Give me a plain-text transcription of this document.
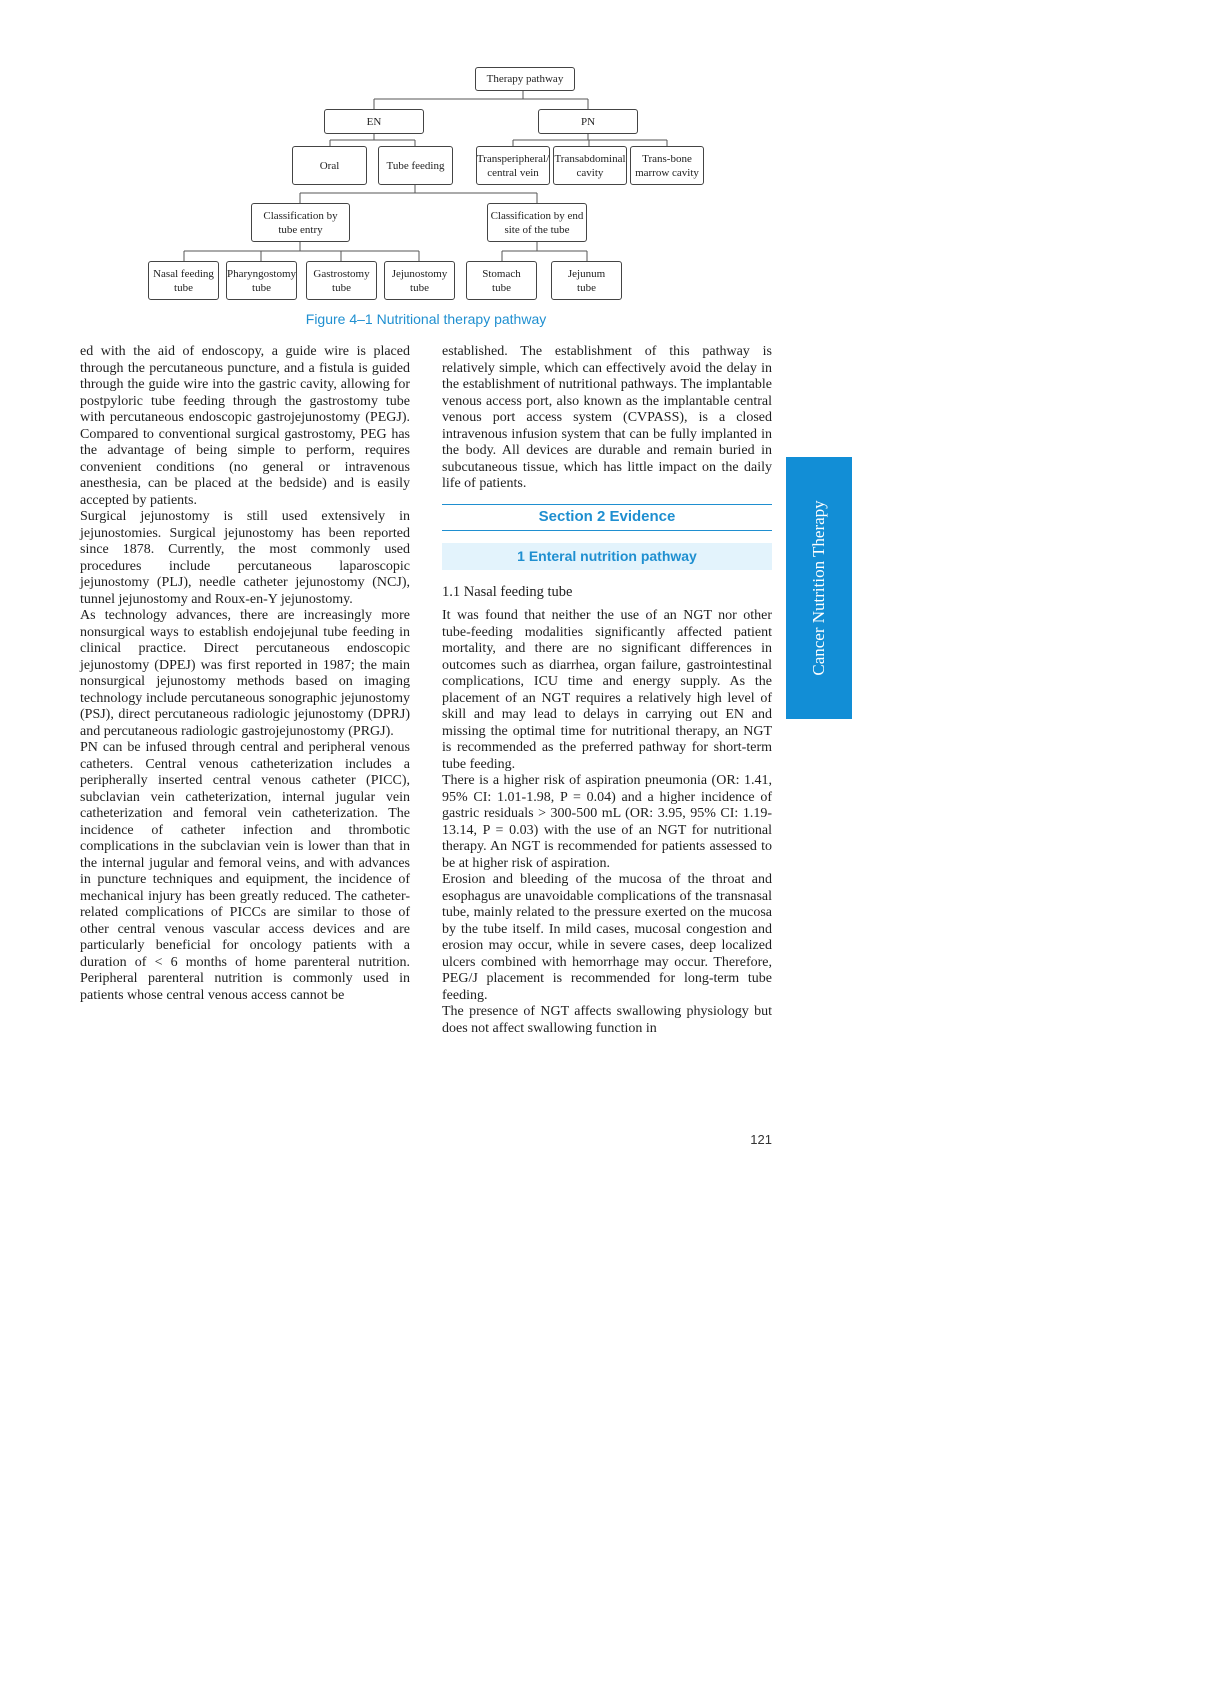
Therapy pathway
EN	PN
Oral	Tube feeding
Transperipheral/
central vein
Transabdominal
cavity
Trans-bone
marrow cavity
Classification by
tube entry
Classification by end
site of the tube
Nasal feeding
tube
Pharyngostomy
tube
Gastrostomy
tube
Jejunostomy
tube
Stomach
tube
Jejunum
tube
Figure 4–1 Nutritional therapy pathway

ed with the aid of endoscopy, a guide wire is placed through the percutaneous puncture, and a fistula is guided through the guide wire into the gastric cavity, allowing for postpyloric tube feeding through the gastrostomy tube with percutaneous endoscopic gastrojejunostomy (PEGJ). Compared to conventional surgical gastrostomy, PEG has the advantage of being simple to perform, requires convenient conditions (no general or intravenous anesthesia, can be placed at the bedside) and is easily accepted by patients.

Surgical jejunostomy is still used extensively in jejunostomies. Surgical jejunostomy has been reported since 1878. Currently, the most commonly used procedures include percutaneous laparoscopic jejunostomy (PLJ), needle catheter jejunostomy (NCJ), tunnel jejunostomy and Roux-en-Y jejunostomy.

As technology advances, there are increasingly more nonsurgical ways to establish endojejunal tube feeding in clinical practice. Direct percutaneous endoscopic jejunostomy (DPEJ) was first reported in 1987; the main nonsurgical jejunostomy methods based on imaging technology include percutaneous sonographic jejunostomy (PSJ), direct percutaneous radiologic jejunostomy (DPRJ) and percutaneous radiologic gastrojejunostomy (PRGJ).

PN can be infused through central and peripheral venous catheters. Central venous catheterization includes a peripherally inserted central venous catheter (PICC), subclavian vein catheterization, internal jugular vein catheterization and femoral vein catheterization. The incidence of catheter infection and thrombotic complications in the subclavian vein is lower than that in the internal jugular and femoral veins, and with advances in puncture techniques and equipment, the incidence of mechanical injury has been greatly reduced. The catheter-related complications of PICCs are similar to those of other central venous vascular access devices and are particularly beneficial for oncology patients with a duration of < 6 months of home parenteral nutrition. Peripheral parenteral nutrition is commonly used in patients whose central venous access cannot be

established. The establishment of this pathway is relatively simple, which can effectively avoid the delay in the establishment of nutritional pathways. The implantable venous access port, also known as the implantable central venous port access system (CVPASS), is a closed intravenous infusion system that can be fully implanted in the body. All devices are durable and remain buried in subcutaneous tissue, which has little impact on the daily life of patients.

Section 2 Evidence
1 Enteral nutrition pathway
1.1 Nasal feeding tube

It was found that neither the use of an NGT nor other tube-feeding modalities significantly affected patient mortality, and there are no significant differences in outcomes such as diarrhea, organ failure, gastrointestinal complications, ICU time and energy supply. As the placement of an NGT requires a relatively high level of skill and may lead to delays in carrying out EN and missing the optimal time for nutritional therapy, an NGT is recommended as the preferred pathway for short-term tube feeding.

There is a higher risk of aspiration pneumonia (OR: 1.41, 95% CI: 1.01-1.98, P = 0.04) and a higher incidence of gastric residuals > 300-500 mL (OR: 3.95, 95% CI: 1.19-13.14, P = 0.03) with the use of an NGT for nutritional therapy. An NGT is recommended for patients assessed to be at higher risk of aspiration.

Erosion and bleeding of the mucosa of the throat and esophagus are unavoidable complications of the transnasal tube, mainly related to the pressure exerted on the mucosa by the tube itself. In mild cases, mucosal congestion and erosion may occur, while in severe cases, deep localized ulcers combined with hemorrhage may occur. Therefore, PEG/J placement is recommended for long-term tube feeding.

The presence of NGT affects swallowing physiology but does not affect swallowing function in

Cancer Nutrition Therapy
121
